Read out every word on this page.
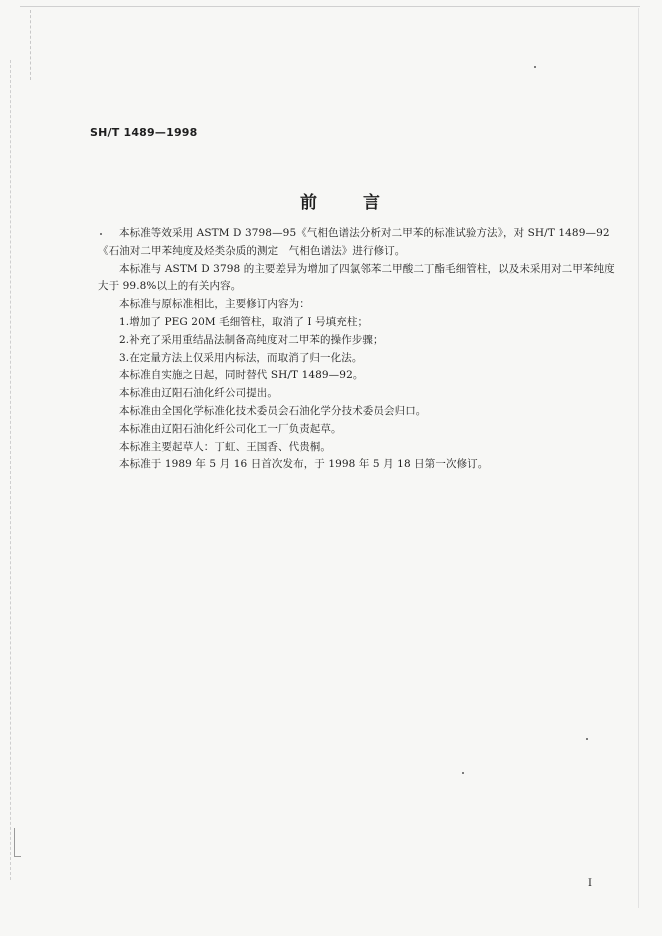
SH/T 1489—1998
前	言

本标准等效采用 ASTM D 3798—95《气相色谱法分析对二甲苯的标准试验方法》，对 SH/T 1489—92《石油对二甲苯纯度及烃类杂质的测定　气相色谱法》进行修订。

本标准与 ASTM D 3798 的主要差异为增加了四氯邻苯二甲酸二丁酯毛细管柱，以及未采用对二甲苯纯度大于 99.8%以上的有关内容。

本标准与原标准相比，主要修订内容为：

1.增加了 PEG 20M 毛细管柱，取消了 I 号填充柱；

2.补充了采用重结晶法制备高纯度对二甲苯的操作步骤；

3.在定量方法上仅采用内标法，而取消了归一化法。

本标准自实施之日起，同时替代 SH/T 1489—92。

本标准由辽阳石油化纤公司提出。

本标准由全国化学标准化技术委员会石油化学分技术委员会归口。

本标准由辽阳石油化纤公司化工一厂负责起草。

本标准主要起草人：丁虹、王国香、代贵桐。

本标准于 1989 年 5 月 16 日首次发布，于 1998 年 5 月 18 日第一次修订。

I
